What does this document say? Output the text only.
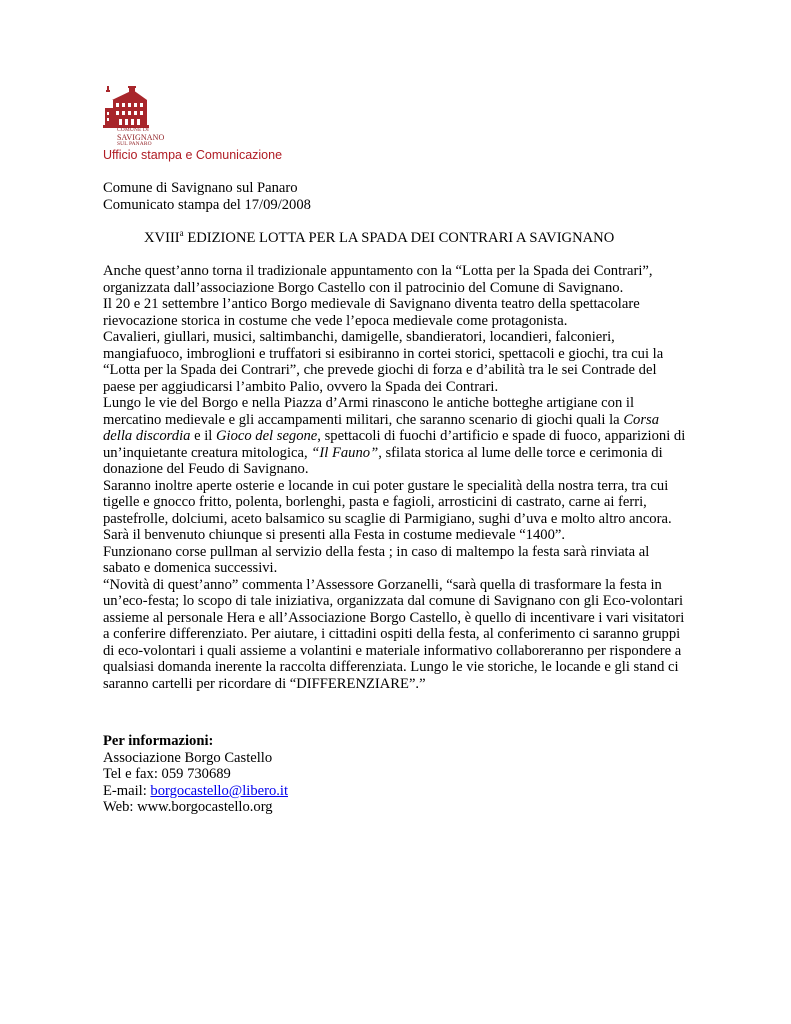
COMUNE DI
SAVIGNANO
SUL PANARO
Ufficio stampa e Comunicazione
Comune di Savignano sul Panaro
Comunicato stampa del 17/09/2008
XVIII$^a$ EDIZIONE LOTTA PER LA SPADA DEI CONTRARI A SAVIGNANO
Anche quest’anno torna il tradizionale appuntamento con la “Lotta per la Spada dei Contrari”,
organizzata dall’associazione Borgo Castello con il patrocinio del Comune di Savignano.
Il 20 e 21 settembre l’antico Borgo medievale di Savignano diventa teatro della spettacolare
rievocazione storica in costume che vede l’epoca medievale come protagonista.
Cavalieri, giullari, musici, saltimbanchi, damigelle, sbandieratori, locandieri, falconieri,
mangiafuoco, imbroglioni e truffatori si esibiranno in cortei storici, spettacoli e giochi, tra cui la
“Lotta per la Spada dei Contrari”, che prevede giochi di forza e d’abilità tra le sei Contrade del
paese per aggiudicarsi l’ambito Palio, ovvero la Spada dei Contrari.
Lungo le vie del Borgo e nella Piazza d’Armi rinascono le antiche botteghe artigiane con il
mercatino medievale e gli accampamenti militari, che saranno scenario di giochi quali la Corsa
della discordia e il Gioco del segone, spettacoli di fuochi d’artificio e spade di fuoco, apparizioni di
un’inquietante creatura mitologica, “Il Fauno”, sfilata storica al lume delle torce e cerimonia di
donazione del Feudo di Savignano.
Saranno inoltre aperte osterie e locande in cui poter gustare le specialità della nostra terra, tra cui
tigelle e gnocco fritto, polenta, borlenghi, pasta e fagioli, arrosticini di castrato, carne ai ferri,
pastefrolle, dolciumi, aceto balsamico su scaglie di Parmigiano, sughi d’uva e molto altro ancora.
Sarà il benvenuto chiunque si presenti alla Festa in costume medievale “1400”.
Funzionano corse pullman al servizio della festa ; in caso di maltempo la festa sarà rinviata al
sabato e domenica successivi.
“Novità di quest’anno” commenta l’Assessore Gorzanelli, “sarà quella di trasformare la festa in
un’eco-festa; lo scopo di tale iniziativa, organizzata dal comune di Savignano con gli Eco-volontari
assieme al personale Hera e all’Associazione Borgo Castello, è quello di incentivare i vari visitatori
a conferire differenziato. Per aiutare, i cittadini ospiti della festa, al conferimento ci saranno gruppi
di eco-volontari i quali assieme a volantini e materiale informativo collaboreranno per rispondere a
qualsiasi domanda inerente la raccolta differenziata. Lungo le vie storiche, le locande e gli stand ci
saranno cartelli per ricordare di “DIFFERENZIARE”.”
Per informazioni:
Associazione Borgo Castello
Tel e fax: 059 730689
E-mail: borgocastello@libero.it
Web: www.borgocastello.org
